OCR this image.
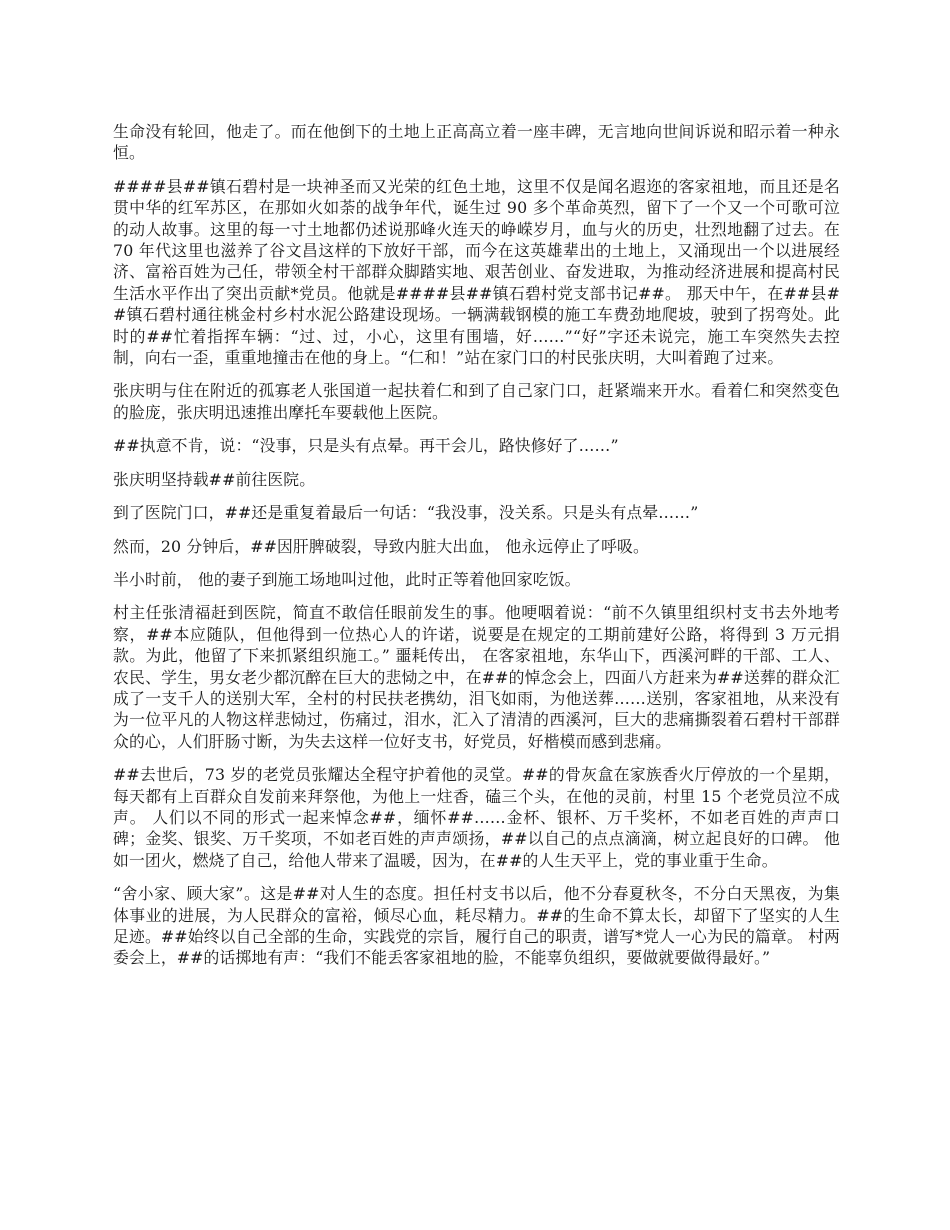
生命没有轮回，他走了。而在他倒下的土地上正高高立着一座丰碑，无言地向世间诉说和昭示着一种永恒。

####县##镇石碧村是一块神圣而又光荣的红色土地，这里不仅是闻名遐迩的客家祖地，而且还是名贯中华的红军苏区，在那如火如荼的战争年代，诞生过 90 多个革命英烈，留下了一个又一个可歌可泣的动人故事。这里的每一寸土地都仍述说那峰火连天的峥嵘岁月，血与火的历史，壮烈地翻了过去。在 70 年代这里也滋养了谷文昌这样的下放好干部，而今在这英雄辈出的土地上，又涌现出一个以进展经济、富裕百姓为己任，带领全村干部群众脚踏实地、艰苦创业、奋发进取，为推动经济进展和提高村民生活水平作出了突出贡献*党员。他就是####县##镇石碧村党支部书记##。 那天中午，在##县##镇石碧村通往桃金村乡村水泥公路建设现场。一辆满载钢模的施工车费劲地爬坡，驶到了拐弯处。此时的##忙着指挥车辆：“过、过，小心，这里有围墙，好……”“好”字还未说完，施工车突然失去控制，向右一歪，重重地撞击在他的身上。“仁和！”站在家门口的村民张庆明，大叫着跑了过来。

张庆明与住在附近的孤寡老人张国道一起扶着仁和到了自己家门口，赶紧端来开水。看着仁和突然变色的脸庞，张庆明迅速推出摩托车要载他上医院。

##执意不肯，说：“没事，只是头有点晕。再干会儿，路快修好了……”

张庆明坚持载##前往医院。

到了医院门口，##还是重复着最后一句话：“我没事，没关系。只是头有点晕……”

然而，20 分钟后，##因肝脾破裂，导致内脏大出血， 他永远停止了呼吸。

半小时前， 他的妻子到施工场地叫过他，此时正等着他回家吃饭。

村主任张清福赶到医院，简直不敢信任眼前发生的事。他哽咽着说：“前不久镇里组织村支书去外地考察，##本应随队，但他得到一位热心人的许诺，说要是在规定的工期前建好公路，将得到 3 万元捐款。为此，他留了下来抓紧组织施工。” 噩耗传出， 在客家祖地，东华山下，西溪河畔的干部、工人、农民、学生，男女老少都沉醉在巨大的悲恸之中，在##的悼念会上，四面八方赶来为##送葬的群众汇成了一支千人的送别大军，全村的村民扶老携幼，泪飞如雨，为他送葬……送别，客家祖地，从来没有为一位平凡的人物这样悲恸过，伤痛过，泪水，汇入了清清的西溪河，巨大的悲痛撕裂着石碧村干部群众的心，人们肝肠寸断，为失去这样一位好支书，好党员，好楷模而感到悲痛。

##去世后，73 岁的老党员张耀达全程守护着他的灵堂。##的骨灰盒在家族香火厅停放的一个星期，每天都有上百群众自发前来拜祭他，为他上一炷香，磕三个头，在他的灵前，村里 15 个老党员泣不成声。 人们以不同的形式一起来悼念##，缅怀##……金杯、银杯、万千奖杯，不如老百姓的声声口碑；金奖、银奖、万千奖项，不如老百姓的声声颂扬，##以自己的点点滴滴，树立起良好的口碑。 他如一团火，燃烧了自己，给他人带来了温暖，因为，在##的人生天平上，党的事业重于生命。

“舍小家、顾大家”。这是##对人生的态度。担任村支书以后，他不分春夏秋冬，不分白天黑夜，为集体事业的进展，为人民群众的富裕，倾尽心血，耗尽精力。##的生命不算太长，却留下了坚实的人生足迹。##始终以自己全部的生命，实践党的宗旨，履行自己的职责，谱写*党人一心为民的篇章。 村两委会上，##的话掷地有声：“我们不能丢客家祖地的脸，不能辜负组织，要做就要做得最好。”
